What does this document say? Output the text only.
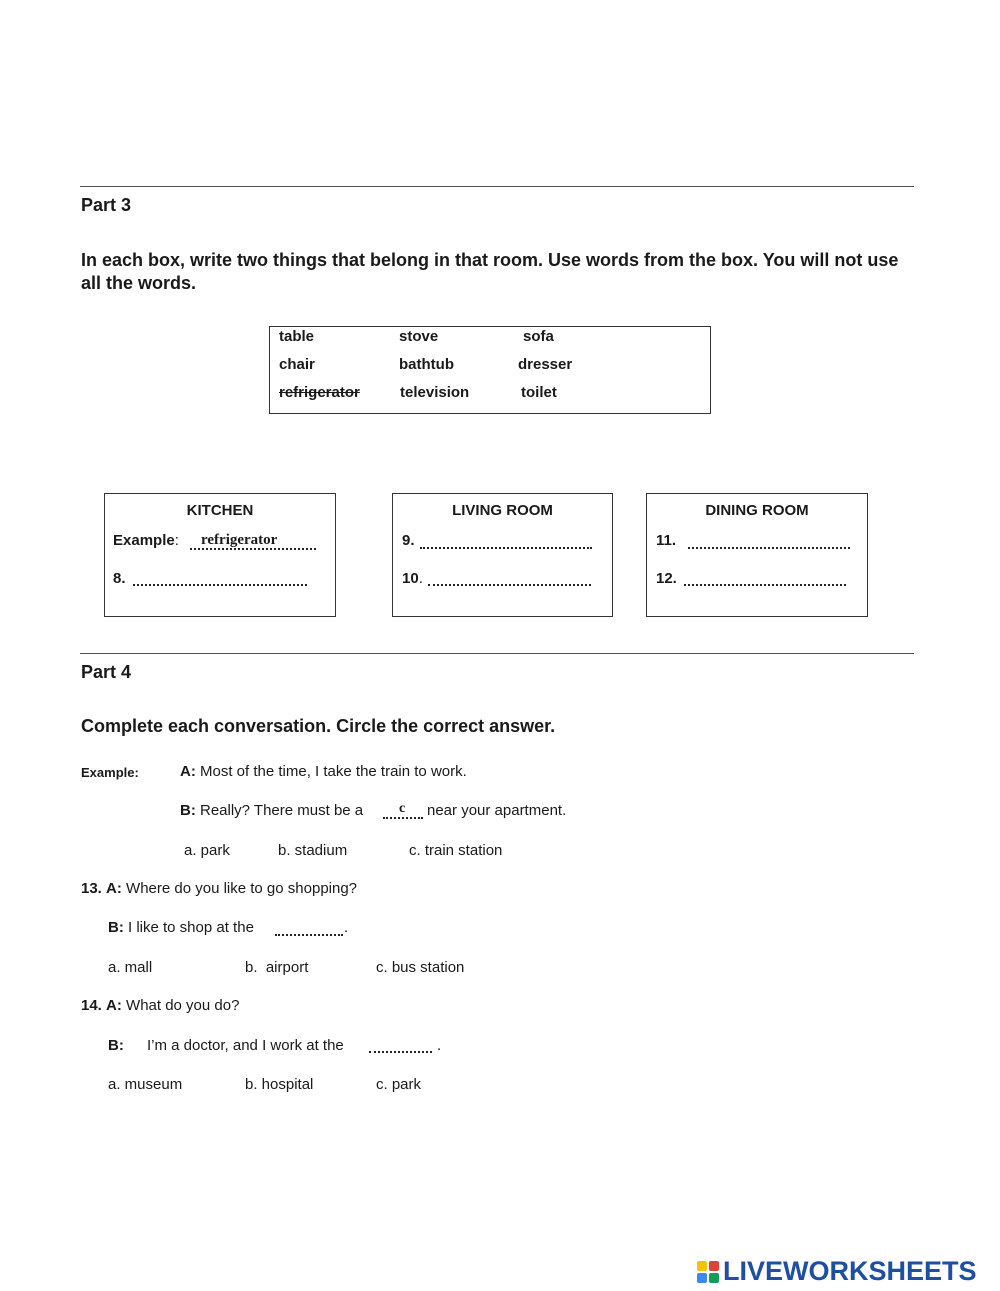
Part 3
In each box, write two things that belong in that room. Use words from the box. You will not use all the words.
table	stove	sofa
chair	bathtub	dresser
refrigerator	television	toilet
KITCHEN
Example: refrigerator
8.
LIVING ROOM
9.
10.
DINING ROOM
11.
12.
Part 4
Complete each conversation. Circle the correct answer.
Example:	A: Most of the time, I take the train to work.
B: Really? There must be a	c near your apartment.
a. park	b. stadium	c. train station
13. A: Where do you like to go shopping?
B: I like to shop at the	.
a. mall	b.  airport	c. bus station
14. A: What do you do?
B: I’m a doctor, and I work at the	.
a. museum	b. hospital	c. park
LIVEWORKSHEETS
